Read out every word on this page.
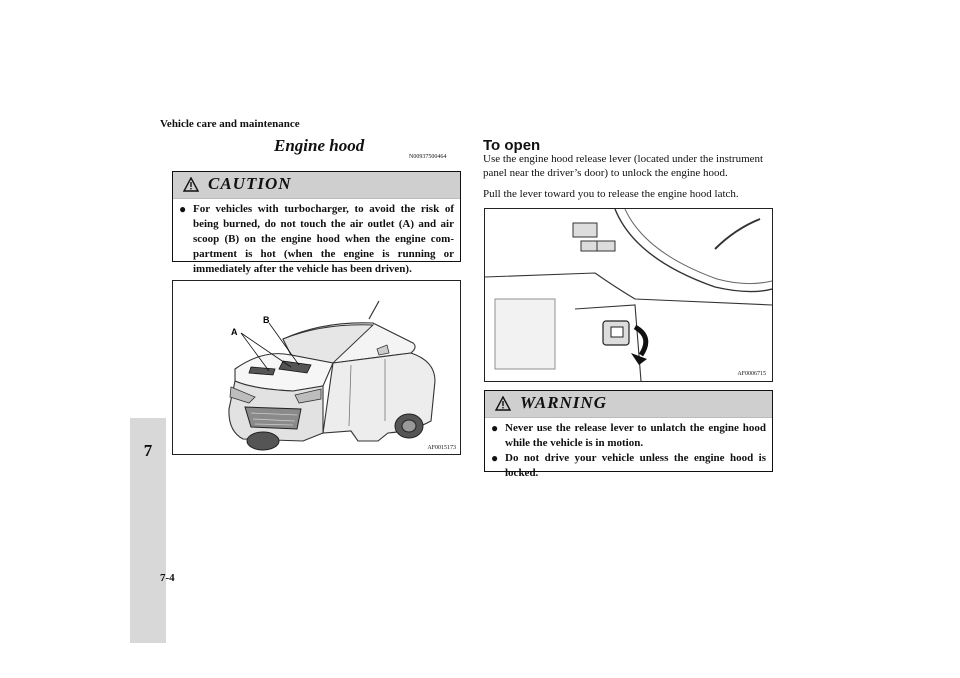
Vehicle care and maintenance
7
7-4
Engine hood
N00937500464
CAUTION
● For vehicles with turbocharger, to avoid the risk of being burned, do not touch the air outlet (A) and air scoop (B) on the engine hood when the engine com-partment is hot (when the engine is running or immediately after the vehicle has been driven).
A
B
AF0015173
To open
Use the engine hood release lever (located under the instrument panel near the driver’s door) to unlock the engine hood.
Pull the lever toward you to release the engine hood latch.
AF0006715
WARNING
● Never use the release lever to unlatch the engine hood while the vehicle is in motion.
● Do not drive your vehicle unless the engine hood is locked.
